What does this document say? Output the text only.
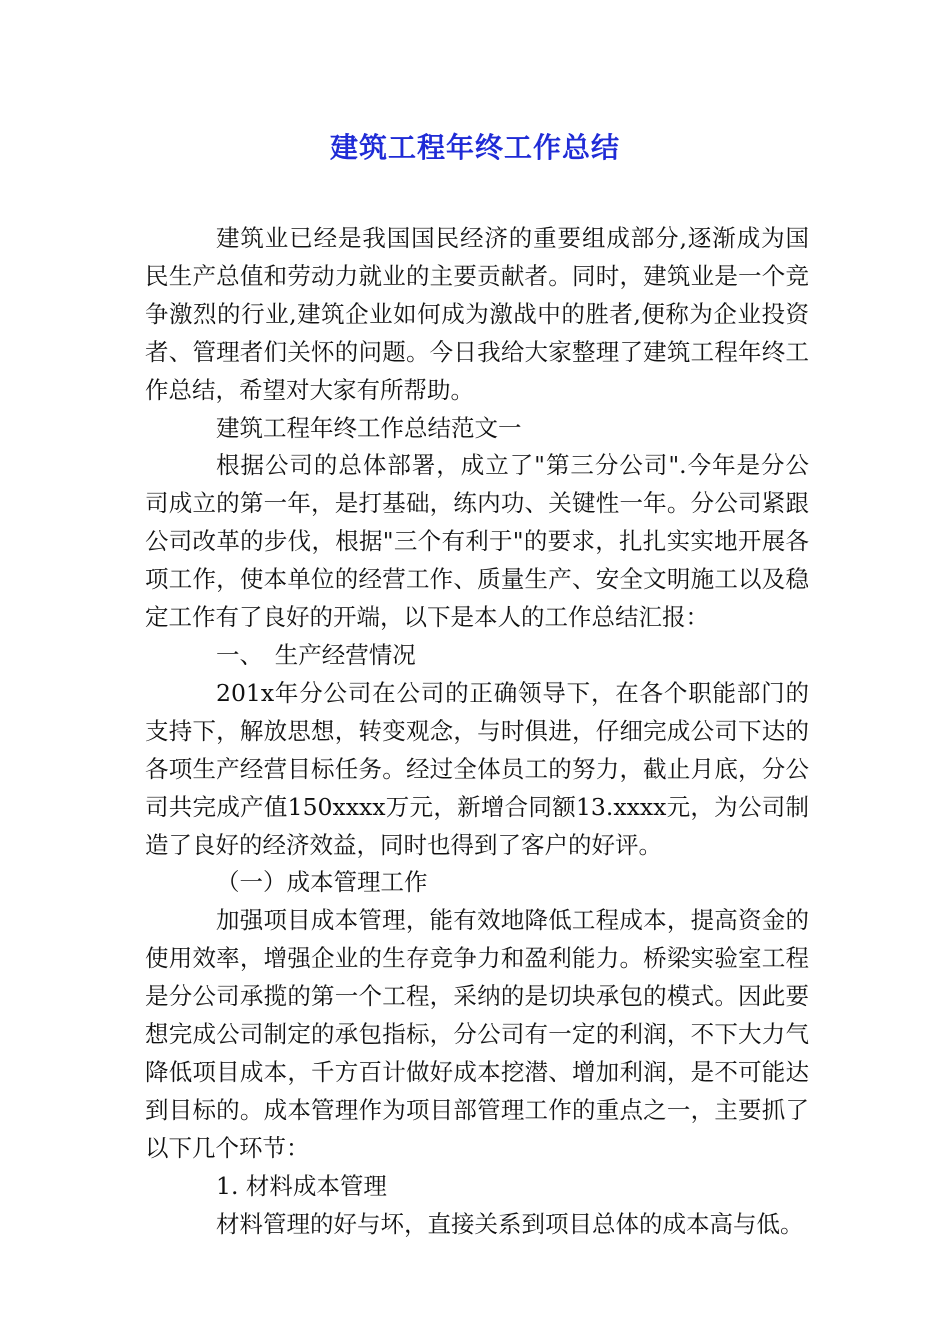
建筑工程年终工作总结

建筑业已经是我国国民经济的重要组成部分,逐渐成为国民生产总值和劳动力就业的主要贡献者。同时，建筑业是一个竞争激烈的行业,建筑企业如何成为激战中的胜者,便称为企业投资者、管理者们关怀的问题。今日我给大家整理了建筑工程年终工作总结，希望对大家有所帮助。

建筑工程年终工作总结范文一

根据公司的总体部署，成立了"第三分公司".今年是分公司成立的第一年，是打基础，练内功、关键性一年。分公司紧跟公司改革的步伐，根据"三个有利于"的要求，扎扎实实地开展各项工作，使本单位的经营工作、质量生产、安全文明施工以及稳定工作有了良好的开端，以下是本人的工作总结汇报：

一、　生产经营情况

201x年分公司在公司的正确领导下，在各个职能部门的支持下，解放思想，转变观念，与时俱进，仔细完成公司下达的各项生产经营目标任务。经过全体员工的努力，截止月底，分公司共完成产值150xxxx万元，新增合同额13.xxxx元，为公司制造了良好的经济效益，同时也得到了客户的好评。

（一）成本管理工作

加强项目成本管理，能有效地降低工程成本，提高资金的使用效率，增强企业的生存竞争力和盈利能力。桥梁实验室工程是分公司承揽的第一个工程，采纳的是切块承包的模式。因此要想完成公司制定的承包指标，分公司有一定的利润，不下大力气降低项目成本，千方百计做好成本挖潜、增加利润，是不可能达到目标的。成本管理作为项目部管理工作的重点之一，主要抓了以下几个环节：

1. 材料成本管理

材料管理的好与坏，直接关系到项目总体的成本高与低。
